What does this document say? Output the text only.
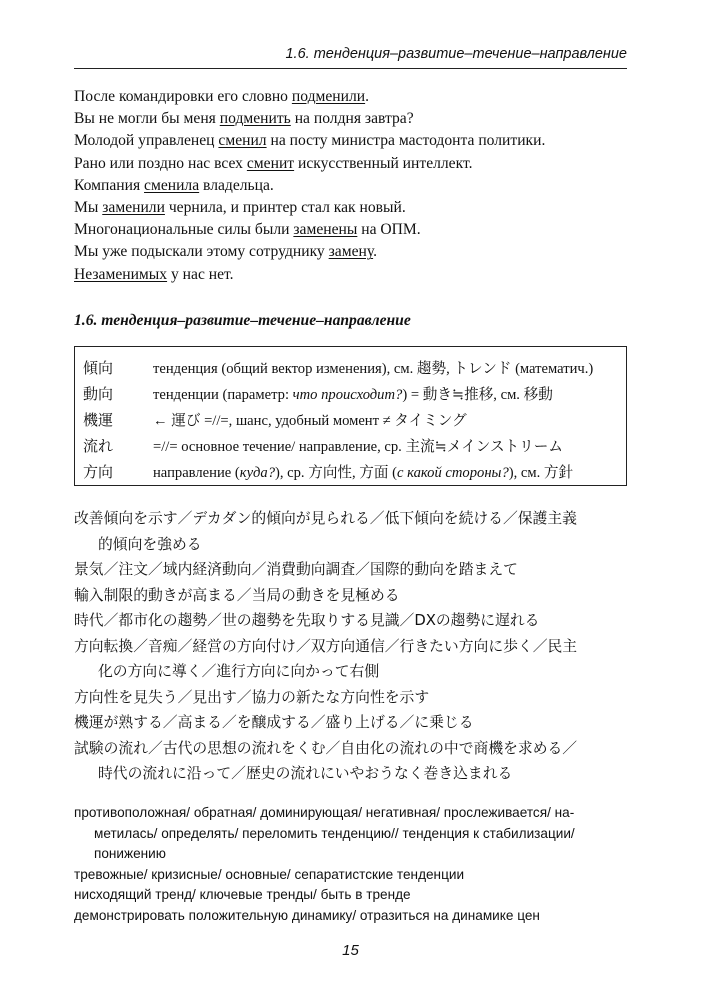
1.6. тенденция–развитие–течение–направление
После командировки его словно подменили.
Вы не могли бы меня подменить на полдня завтра?
Молодой управленец сменил на посту министра мастодонта политики.
Рано или поздно нас всех сменит искусственный интеллект.
Компания сменила владельца.
Мы заменили чернила, и принтер стал как новый.
Многонациональные силы были заменены на ОПМ.
Мы уже подыскали этому сотруднику замену.
Незаменимых у нас нет.
1.6. тенденция–развитие–течение–направление
傾向	тенденция (общий вектор изменения), см. 趨勢, トレンド (математич.)
動向	тенденции (параметр: что происходит?) = 動き≒推移, см. 移動
機運	← 運び =//=, шанс, удобный момент ≠ タイミング
流れ	=//= основное течение/ направление, ср. 主流≒メインストリーム
方向	направление (куда?), ср. 方向性, 方面 (с какой стороны?), см. 方針
改善傾向を示す／デカダン的傾向が見られる／低下傾向を続ける／保護主義
的傾向を強める
景気／注文／域内経済動向／消費動向調査／国際的動向を踏まえて
輸入制限的動きが高まる／当局の動きを見極める
時代／都市化の趨勢／世の趨勢を先取りする見識／DXの趨勢に遅れる
方向転換／音痴／経営の方向付け／双方向通信／行きたい方向に歩く／民主
化の方向に導く／進行方向に向かって右側
方向性を見失う／見出す／協力の新たな方向性を示す
機運が熟する／高まる／を醸成する／盛り上げる／に乗じる
試験の流れ／古代の思想の流れをくむ／自由化の流れの中で商機を求める／
時代の流れに沿って／歴史の流れにいやおうなく巻き込まれる
противоположная/ обратная/ доминирующая/ негативная/ прослеживается/ на-
метилась/ определять/ переломить тенденцию// тенденция к стабилизации/
понижению
тревожные/ кризисные/ основные/ сепаратистские тенденции
нисходящий тренд/ ключевые тренды/ быть в тренде
демонстрировать положительную динамику/ отразиться на динамике цен
15
